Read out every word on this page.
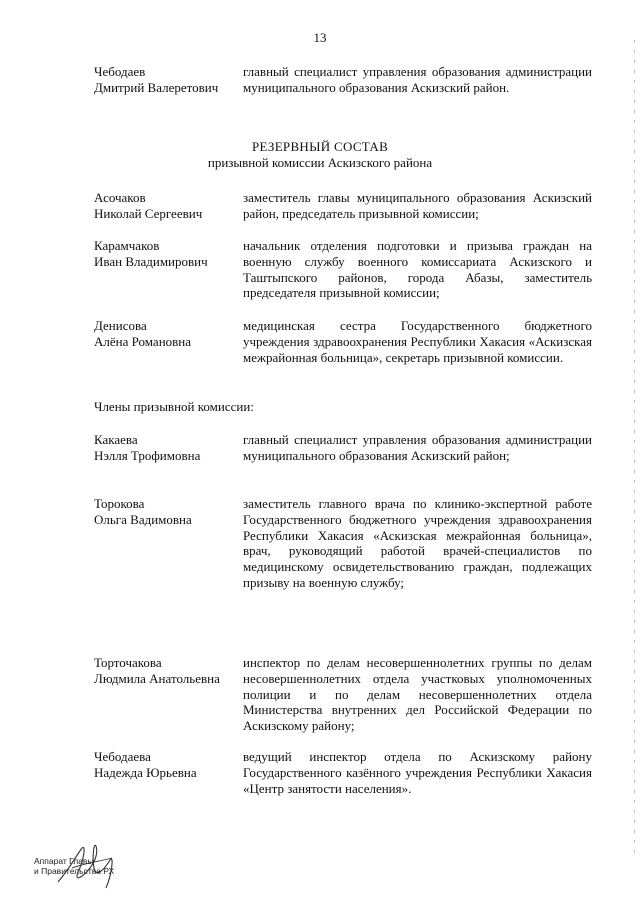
13
Чебодаев
Дмитрий Валеретович
главный специалист управления образования администрации муниципального образования Аскизский район.
РЕЗЕРВНЫЙ СОСТАВ
призывной комиссии Аскизского района
Асочаков
Николай Сергеевич
заместитель главы муниципального образования Аскизский район, председатель призывной комиссии;
Карамчаков
Иван Владимирович
начальник отделения подготовки и призыва граждан на военную службу военного комиссариата Аскизского и Таштыпского районов, города Абазы, заместитель председателя призывной комиссии;
Денисова
Алёна Романовна
медицинская сестра Государственного бюджетного учреждения здравоохранения Республики Хакасия «Аскизская межрайонная больница», секретарь призывной комиссии.
Члены призывной комиссии:
Какаева
Нэлля Трофимовна
главный специалист управления образования администрации муниципального образования Аскизский район;
Торокова
Ольга Вадимовна
заместитель главного врача по клинико-экспертной работе Государственного бюджетного учреждения здравоохранения Республики Хакасия «Аскизская межрайонная больница», врач, руководящий работой врачей-специалистов по медицинскому освидетельствованию граждан, подлежащих призыву на военную службу;
Торточакова
Людмила Анатольевна
инспектор по делам несовершеннолетних группы по делам несовершеннолетних отдела участковых уполномоченных полиции и по делам несовершеннолетних отдела Министерства внутренних дел Российской Федерации по Аскизскому району;
Чебодаева
Надежда Юрьевна
ведущий инспектор отдела по Аскизскому району Государственного казённого учреждения Республики Хакасия «Центр занятости населения».
Аппарат Главы
и Правительства РХ
